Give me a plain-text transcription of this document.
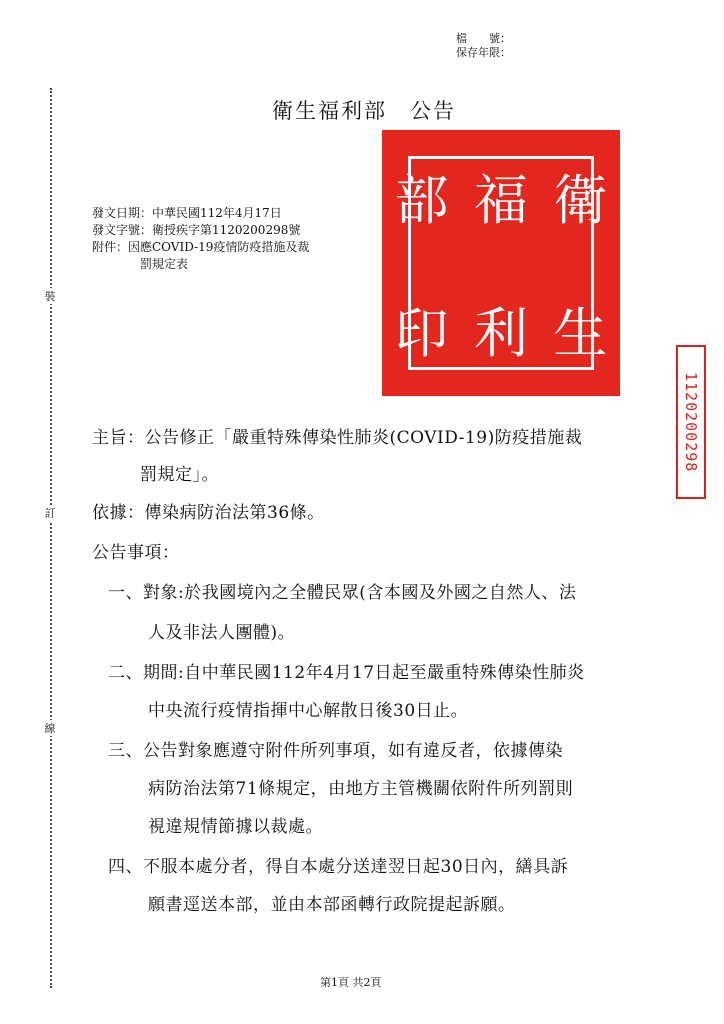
檔　　號：
保存年限：
裝
訂
線
衛生福利部　公告
發文日期：中華民國112年4月17日
發文字號：衛授疾字第1120200298號
附件：因應COVID-19疫情防疫措施及裁
罰規定表
部 福 衛
印 利 生
1120200298
主旨：公告修正「嚴重特殊傳染性肺炎(COVID-19)防疫措施裁
罰規定」。
依據：傳染病防治法第36條。
公告事項：
一、對象:於我國境內之全體民眾(含本國及外國之自然人、法
人及非法人團體)。
二、期間:自中華民國112年4月17日起至嚴重特殊傳染性肺炎
中央流行疫情指揮中心解散日後30日止。
三、公告對象應遵守附件所列事項，如有違反者，依據傳染
病防治法第71條規定，由地方主管機關依附件所列罰則
視違規情節據以裁處。
四、不服本處分者，得自本處分送達翌日起30日內，繕具訴
願書逕送本部，並由本部函轉行政院提起訴願。
第1頁 共2頁
